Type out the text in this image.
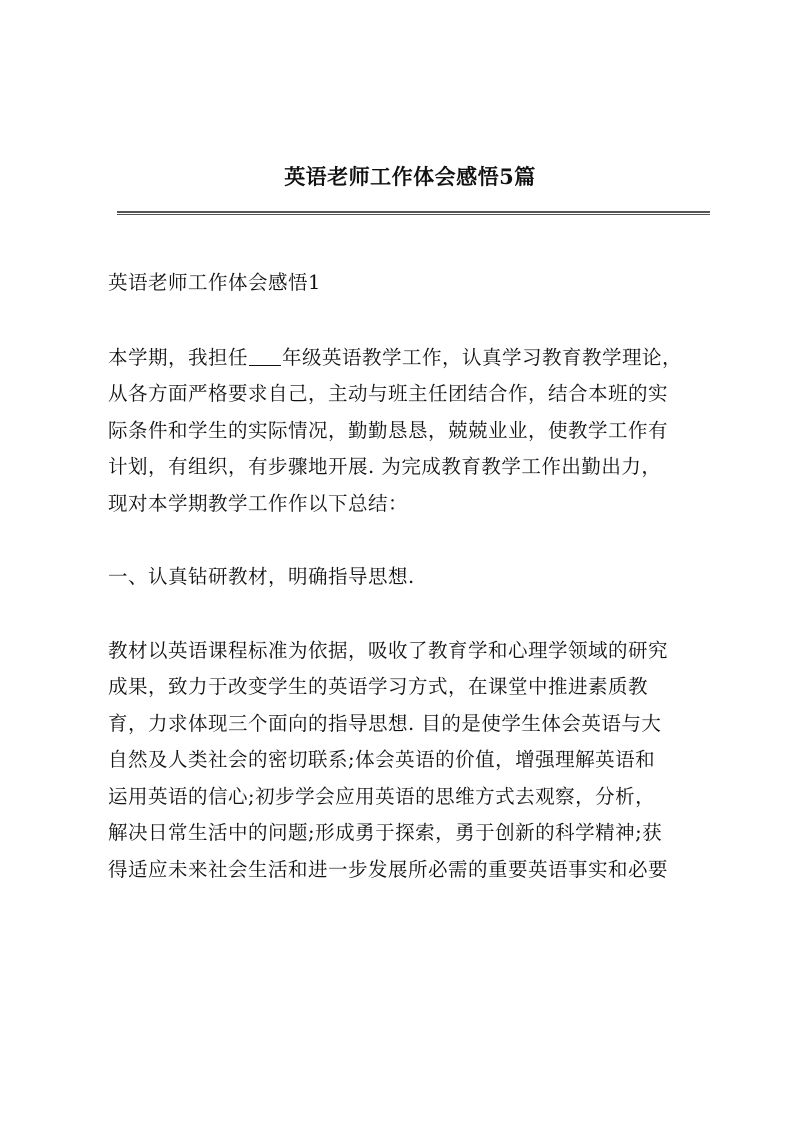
英语老师工作体会感悟5篇

英语老师工作体会感悟1

本学期，我担任 年级英语教学工作，认真学习教育教学理论，
从各方面严格要求自己，主动与班主任团结合作，结合本班的实
际条件和学生的实际情况，勤勤恳恳，兢兢业业，使教学工作有
计划，有组织，有步骤地开展. 为完成教育教学工作出勤出力，
现对本学期教学工作作以下总结：

一、认真钻研教材，明确指导思想.

教材以英语课程标准为依据，吸收了教育学和心理学领域的研究
成果，致力于改变学生的英语学习方式，在课堂中推进素质教
育，力求体现三个面向的指导思想. 目的是使学生体会英语与大
自然及人类社会的密切联系;体会英语的价值，增强理解英语和
运用英语的信心;初步学会应用英语的思维方式去观察，分析，
解决日常生活中的问题;形成勇于探索，勇于创新的科学精神;获
得适应未来社会生活和进一步发展所必需的重要英语事实和必要
